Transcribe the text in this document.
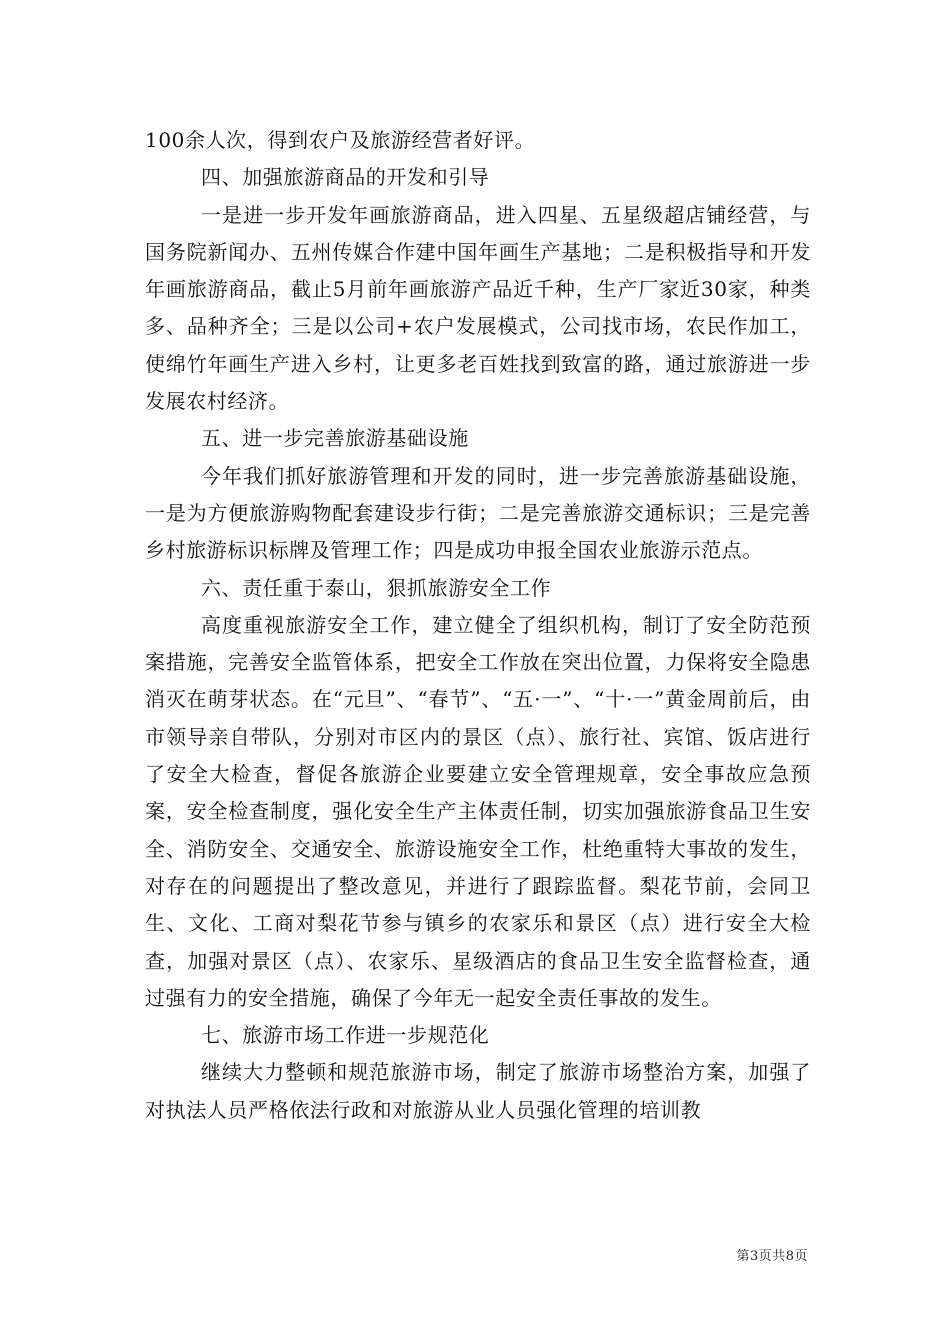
100余人次，得到农户及旅游经营者好评。

四、加强旅游商品的开发和引导

一是进一步开发年画旅游商品，进入四星、五星级超店铺经营，与国务院新闻办、五州传媒合作建中国年画生产基地；二是积极指导和开发年画旅游商品，截止5月前年画旅游产品近千种，生产厂家近30家，种类多、品种齐全；三是以公司+农户发展模式，公司找市场，农民作加工，使绵竹年画生产进入乡村，让更多老百姓找到致富的路，通过旅游进一步发展农村经济。

五、进一步完善旅游基础设施

今年我们抓好旅游管理和开发的同时，进一步完善旅游基础设施，一是为方便旅游购物配套建设步行街；二是完善旅游交通标识；三是完善乡村旅游标识标牌及管理工作；四是成功申报全国农业旅游示范点。

六、责任重于泰山，狠抓旅游安全工作

高度重视旅游安全工作，建立健全了组织机构，制订了安全防范预案措施，完善安全监管体系，把安全工作放在突出位置，力保将安全隐患消灭在萌芽状态。在“元旦”、“春节”、“五·一”、“十·一”黄金周前后，由市领导亲自带队，分别对市区内的景区（点）、旅行社、宾馆、饭店进行了安全大检查，督促各旅游企业要建立安全管理规章，安全事故应急预案，安全检查制度，强化安全生产主体责任制，切实加强旅游食品卫生安全、消防安全、交通安全、旅游设施安全工作，杜绝重特大事故的发生，对存在的问题提出了整改意见，并进行了跟踪监督。梨花节前，会同卫生、文化、工商对梨花节参与镇乡的农家乐和景区（点）进行安全大检查，加强对景区（点）、农家乐、星级酒店的食品卫生安全监督检查，通过强有力的安全措施，确保了今年无一起安全责任事故的发生。

七、旅游市场工作进一步规范化

继续大力整顿和规范旅游市场，制定了旅游市场整治方案，加强了对执法人员严格依法行政和对旅游从业人员强化管理的培训教

第3页共8页
